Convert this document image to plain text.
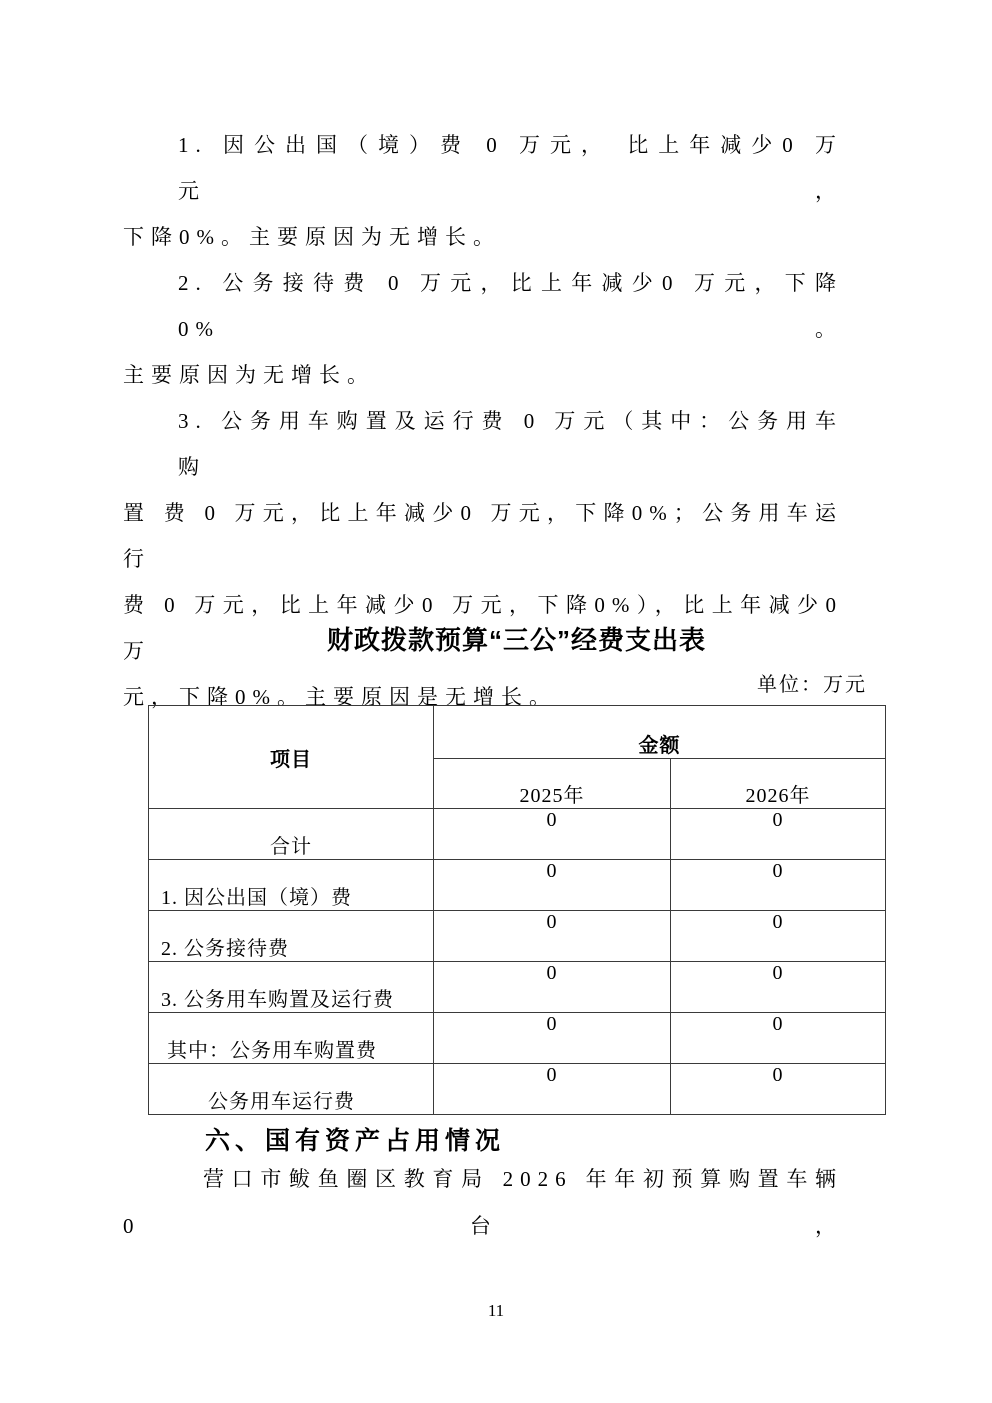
1. 因公出国（境）费 0 万元， 比上年减少0 万 元，
下降0%。主要原因为无增长。
2. 公务接待费 0 万元，比上年减少0 万元，下降0%。
主要原因为无增长。
3. 公务用车购置及运行费 0 万元（其中：公务用车购
置 费 0 万元，比上年减少0 万元，下降0%；公务用车运行
费 0 万元，比上年减少0 万元，下降0%），比上年减少0万
元，下降0%。主要原因是无增长。
财政拨款预算“三公”经费支出表
单位：万元
项目	金额	
	2025年	2026年
合计	0	0
1. 因公出国（境）费	0	0
2. 公务接待费	0	0
3. 公务用车购置及运行费	0	0
其中：公务用车购置费	0	0
公务用车运行费	0	0
六、国有资产占用情况
营口市鲅鱼圈区教育局 2026 年年初预算购置车辆 0 台，
11
